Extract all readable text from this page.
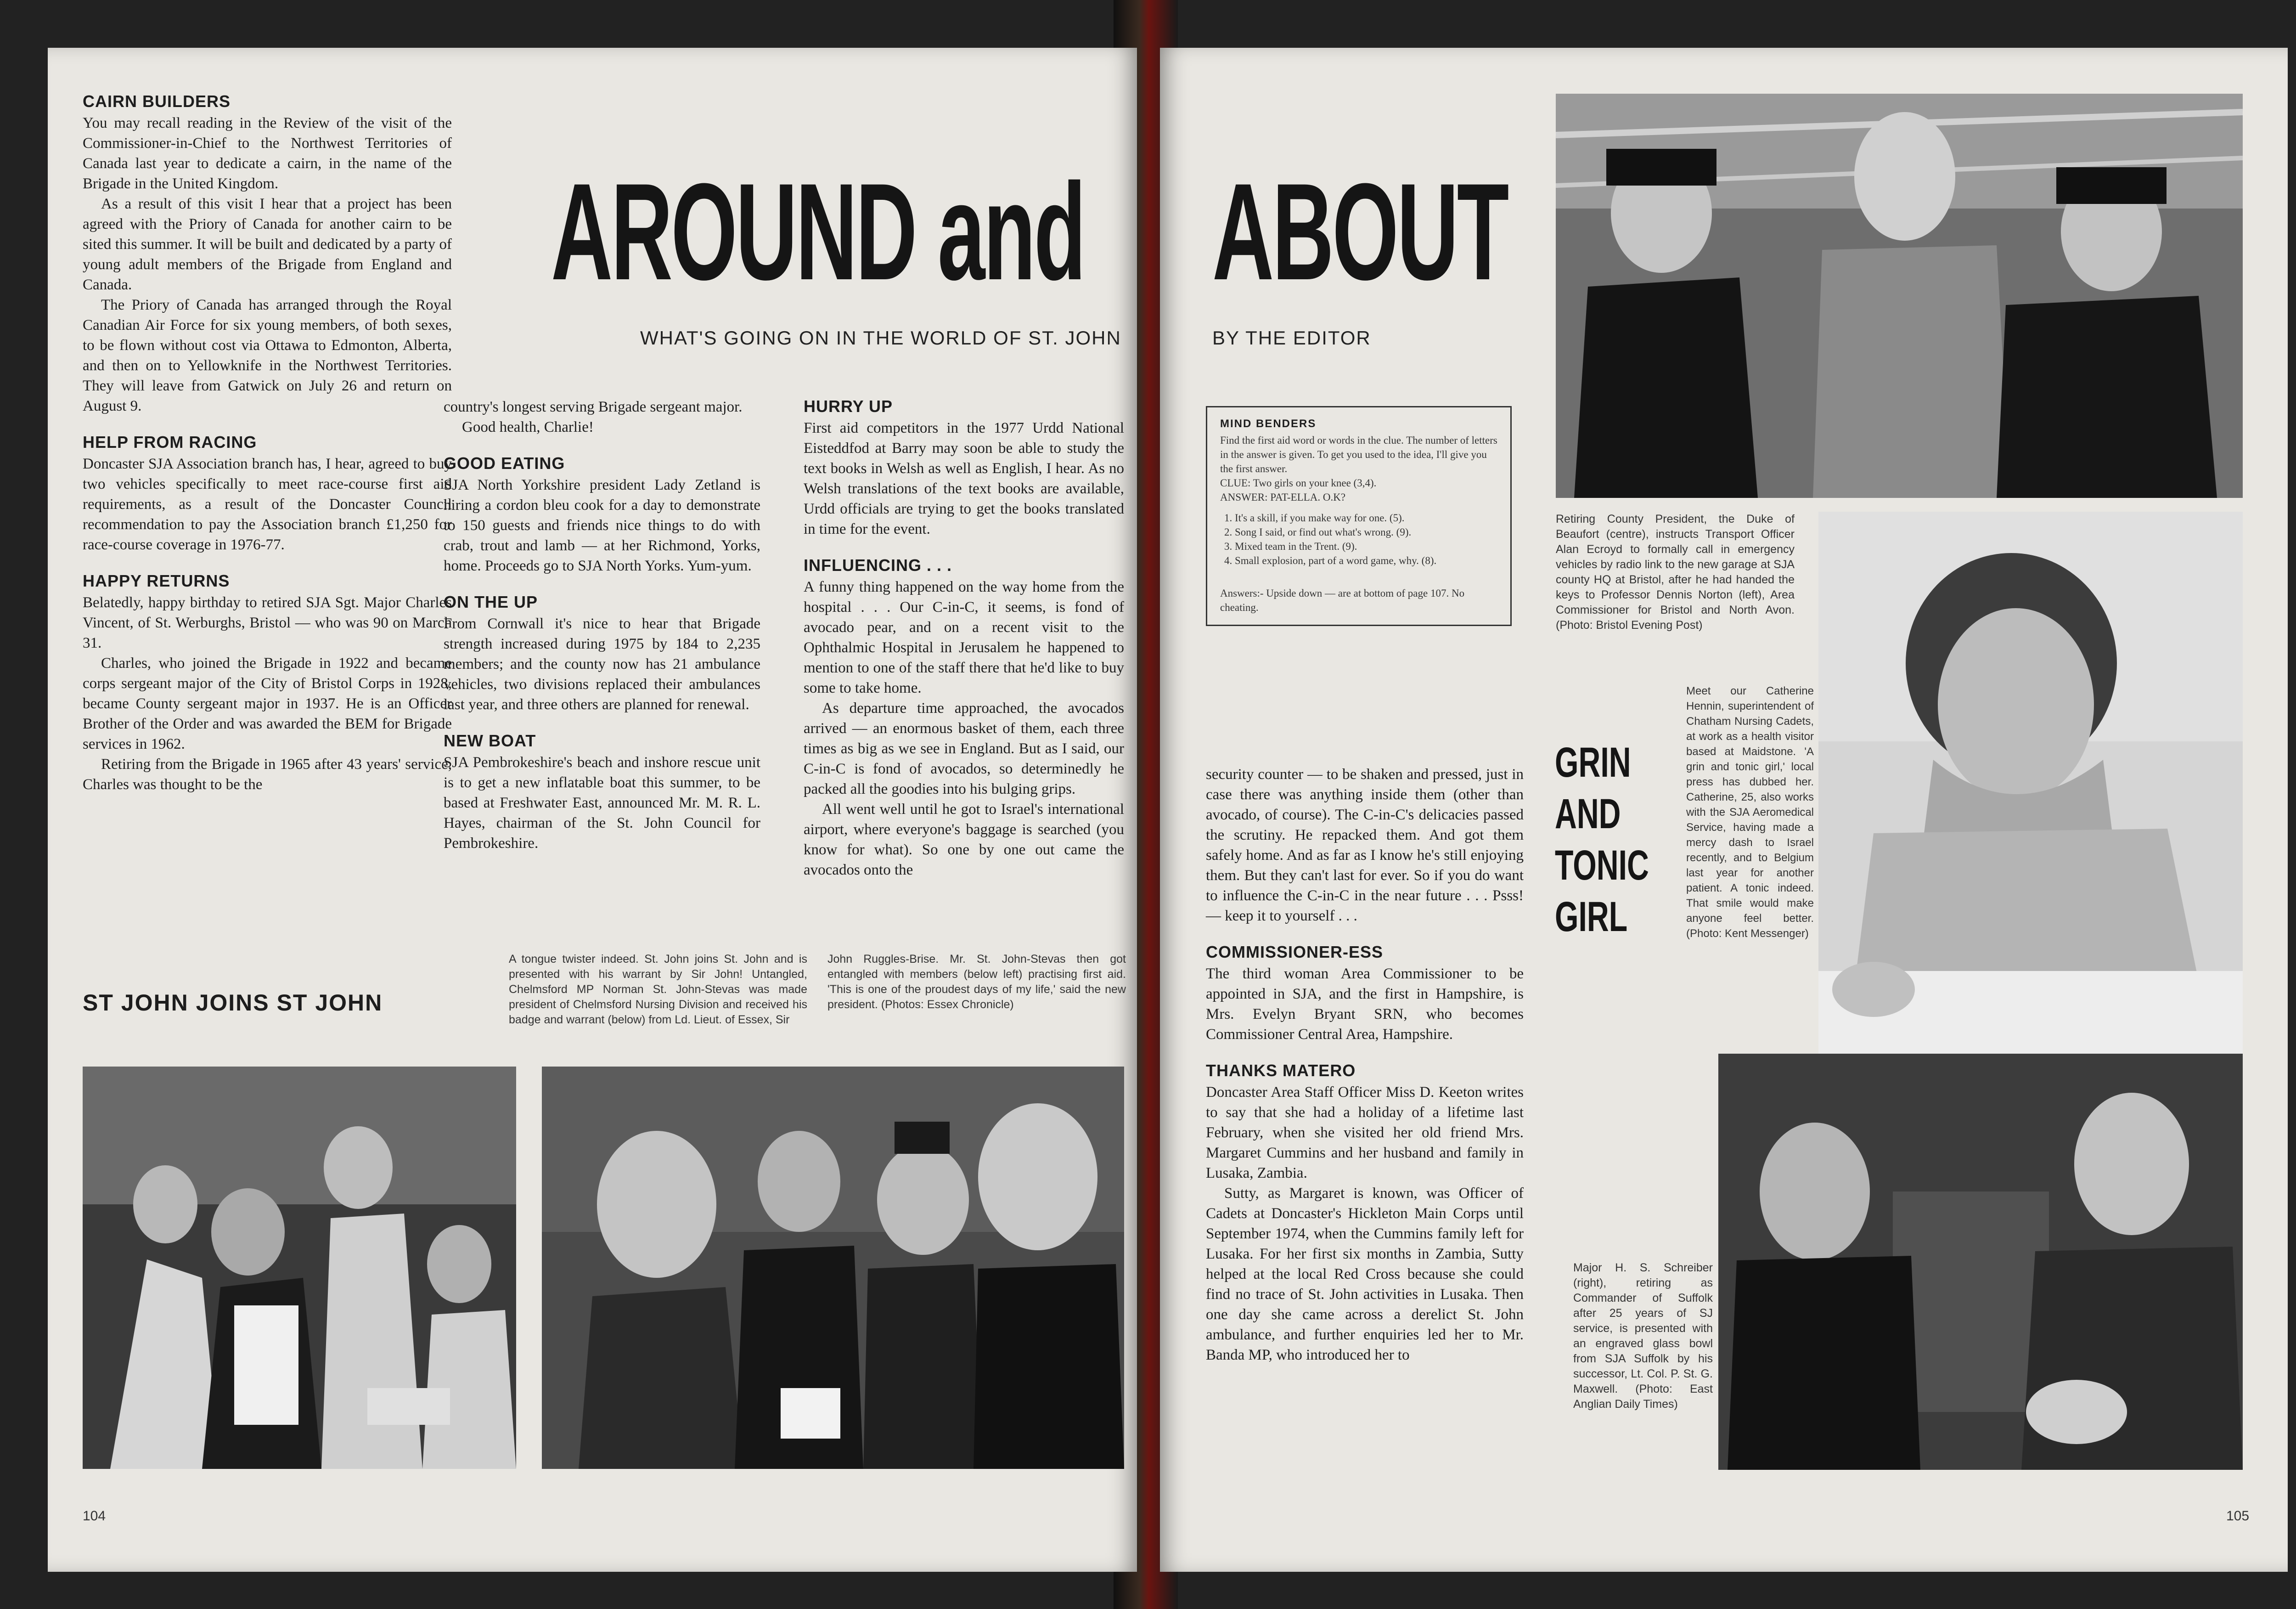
CAIRN BUILDERS

You may recall reading in the Review of the visit of the Commissioner-in-Chief to the Northwest Territories of Canada last year to dedicate a cairn, in the name of the Brigade in the United Kingdom.

As a result of this visit I hear that a project has been agreed with the Priory of Canada for another cairn to be sited this summer. It will be built and dedicated by a party of young adult members of the Brigade from England and Canada.

The Priory of Canada has arranged through the Royal Canadian Air Force for six young members, of both sexes, to be flown without cost via Ottawa to Edmonton, Alberta, and then on to Yellowknife in the Northwest Territories. They will leave from Gatwick on July 26 and return on August 9.

HELP FROM RACING

Doncaster SJA Association branch has, I hear, agreed to buy two vehicles specifically to meet race-course first aid requirements, as a result of the Doncaster Council recommendation to pay the Association branch £1,250 for race-course coverage in 1976-77.

HAPPY RETURNS

Belatedly, happy birthday to retired SJA Sgt. Major Charles Vincent, of St. Werburghs, Bristol — who was 90 on March 31.

Charles, who joined the Brigade in 1922 and became corps sergeant major of the City of Bristol Corps in 1928, became County sergeant major in 1937. He is an Officer Brother of the Order and was awarded the BEM for Brigade services in 1962.

Retiring from the Brigade in 1965 after 43 years' service, Charles was thought to be the

ST JOHN JOINS ST JOHN
AROUND and
WHAT'S GOING ON IN THE WORLD OF ST. JOHN

country's longest serving Brigade sergeant major.

Good health, Charlie!

GOOD EATING

SJA North Yorkshire president Lady Zetland is hiring a cordon bleu cook for a day to demonstrate to 150 guests and friends nice things to do with crab, trout and lamb — at her Richmond, Yorks, home. Proceeds go to SJA North Yorks. Yum-yum.

ON THE UP

From Cornwall it's nice to hear that Brigade strength increased during 1975 by 184 to 2,235 members; and the county now has 21 ambulance vehicles, two divisions replaced their ambulances last year, and three others are planned for renewal.

NEW BOAT

SJA Pembrokeshire's beach and inshore rescue unit is to get a new inflatable boat this summer, to be based at Freshwater East, announced Mr. M. R. L. Hayes, chairman of the St. John Council for Pembrokeshire.

HURRY UP

First aid competitors in the 1977 Urdd National Eisteddfod at Barry may soon be able to study the text books in Welsh as well as English, I hear. As no Welsh translations of the text books are available, Urdd officials are trying to get the books translated in time for the event.

INFLUENCING . . .

A funny thing happened on the way home from the hospital . . . Our C-in-C, it seems, is fond of avocado pear, and on a recent visit to the Ophthalmic Hospital in Jerusalem he happened to mention to one of the staff there that he'd like to buy some to take home.

As departure time approached, the avocados arrived — an enormous basket of them, each three times as big as we see in England. But as I said, our C-in-C is fond of avocados, so determinedly he packed all the goodies into his bulging grips.

All went well until he got to Israel's international airport, where everyone's baggage is searched (you know for what). So one by one out came the avocados onto the

A tongue twister indeed. St. John joins St. John and is presented with his warrant by Sir John! Untangled, Chelmsford MP Norman St. John-Stevas was made president of Chelmsford Nursing Division and received his badge and warrant (below) from Ld. Lieut. of Essex, Sir

John Ruggles-Brise. Mr. St. John-Stevas then got entangled with members (below left) practising first aid. 'This is one of the proudest days of my life,' said the new president. (Photos: Essex Chronicle)

104
ABOUT
BY THE EDITOR
MIND BENDERS

Find the first aid word or words in the clue. The number of letters in the answer is given. To get you used to the idea, I'll give you the first answer.

CLUE: Two girls on your knee (3,4).

ANSWER: PAT-ELLA. O.K?

1. It's a skill, if you make way for one. (5).
2. Song I said, or find out what's wrong. (9).
3. Mixed team in the Trent. (9).
4. Small explosion, part of a word game, why. (8).

Answers:- Upside down — are at bottom of page 107. No cheating.

security counter — to be shaken and pressed, just in case there was anything inside them (other than avocado, of course). The C-in-C's delicacies passed the scrutiny. He repacked them. And got them safely home. And as far as I know he's still enjoying them. But they can't last for ever. So if you do want to influence the C-in-C in the near future . . . Psss! — keep it to yourself . . .

COMMISSIONER-ESS

The third woman Area Commissioner to be appointed in SJA, and the first in Hampshire, is Mrs. Evelyn Bryant SRN, who becomes Commissioner Central Area, Hampshire.

THANKS MATERO

Doncaster Area Staff Officer Miss D. Keeton writes to say that she had a holiday of a lifetime last February, when she visited her old friend Mrs. Margaret Cummins and her husband and family in Lusaka, Zambia.

Sutty, as Margaret is known, was Officer of Cadets at Doncaster's Hickleton Main Corps until September 1974, when the Cummins family left for Lusaka. For her first six months in Zambia, Sutty helped at the local Red Cross because she could find no trace of St. John activities in Lusaka. Then one day she came across a derelict St. John ambulance, and further enquiries led her to Mr. Banda MP, who introduced her to

Retiring County President, the Duke of Beaufort (centre), instructs Transport Officer Alan Ecroyd to formally call in emergency vehicles by radio link to the new garage at SJA county HQ at Bristol, after he had handed the keys to Professor Dennis Norton (left), Area Commissioner for Bristol and North Avon. (Photo: Bristol Evening Post)

GRIN
AND
TONIC
GIRL

Meet our Catherine Hennin, superintendent of Chatham Nursing Cadets, at work as a health visitor based at Maidstone. 'A grin and tonic girl,' local press has dubbed her. Catherine, 25, also works with the SJA Aeromedical Service, having made a mercy dash to Israel recently, and to Belgium last year for another patient. A tonic indeed. That smile would make anyone feel better. (Photo: Kent Messenger)

Major H. S. Schreiber (right), retiring as Commander of Suffolk after 25 years of SJ service, is presented with an engraved glass bowl from SJA Suffolk by his successor, Lt. Col. P. St. G. Maxwell. (Photo: East Anglian Daily Times)

105
